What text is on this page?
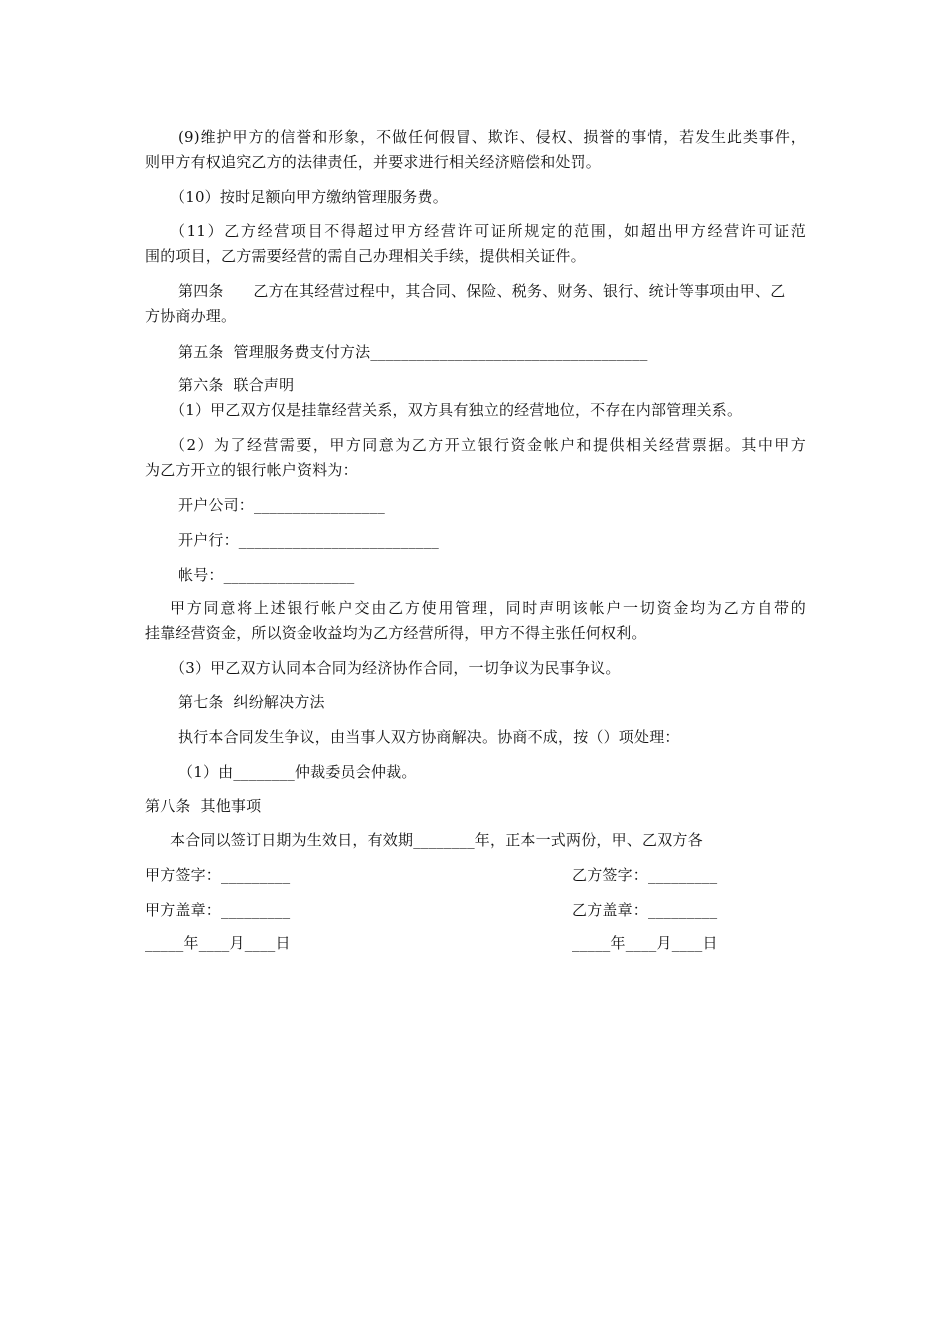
(9)维护甲方的信誉和形象，不做任何假冒、欺诈、侵权、损誉的事情，若发生此类事件，
则甲方有权追究乙方的法律责任，并要求进行相关经济赔偿和处罚。
（10）按时足额向甲方缴纳管理服务费。
（11）乙方经营项目不得超过甲方经营许可证所规定的范围，如超出甲方经营许可证范
围的项目，乙方需要经营的需自己办理相关手续，提供相关证件。
第四条      乙方在其经营过程中，其合同、保险、税务、财务、银行、统计等事项由甲、乙
方协商办理。
第五条  管理服务费支付方法____________________________________
第六条  联合声明
（1）甲乙双方仅是挂靠经营关系，双方具有独立的经营地位，不存在内部管理关系。
（2）为了经营需要，甲方同意为乙方开立银行资金帐户和提供相关经营票据。其中甲方
为乙方开立的银行帐户资料为：
开户公司：_________________
开户行：__________________________
帐号：_________________
甲方同意将上述银行帐户交由乙方使用管理，同时声明该帐户一切资金均为乙方自带的
挂靠经营资金，所以资金收益均为乙方经营所得，甲方不得主张任何权利。
（3）甲乙双方认同本合同为经济协作合同，一切争议为民事争议。
第七条  纠纷解决方法
执行本合同发生争议，由当事人双方协商解决。协商不成，按（）项处理：
（1）由________仲裁委员会仲裁。
第八条  其他事项
本合同以签订日期为生效日，有效期________年，正本一式两份，甲、乙双方各
甲方签字：_________	乙方签字：_________
甲方盖章：_________	乙方盖章：_________
_____年____月____日	_____年____月____日
